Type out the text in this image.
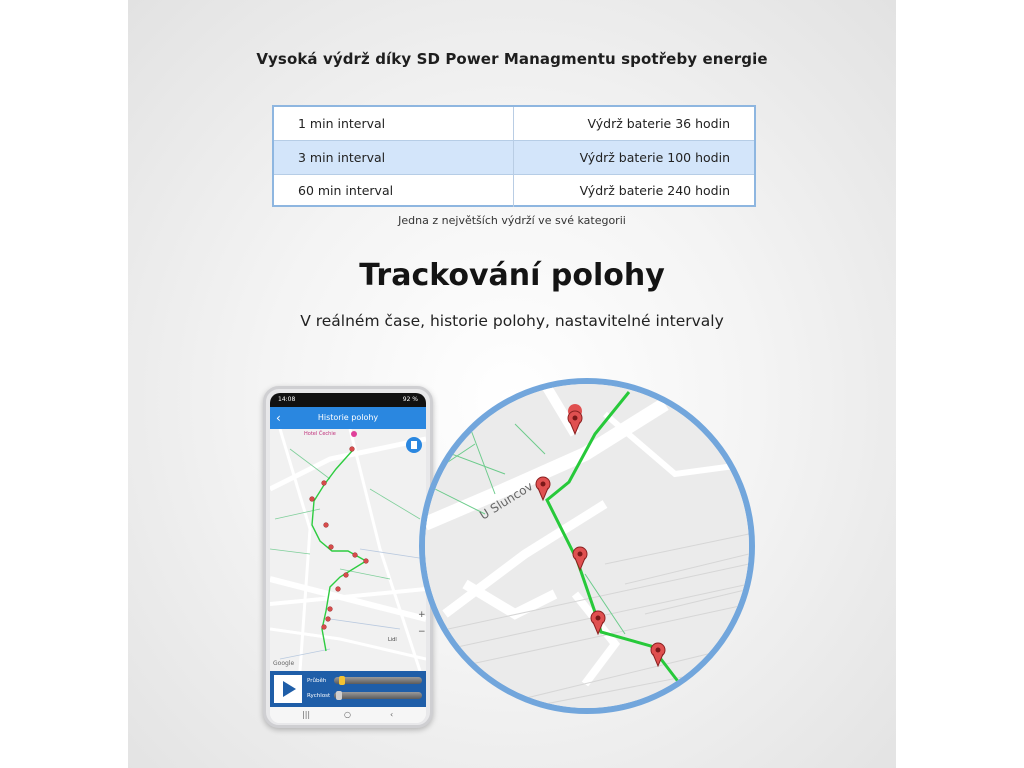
Vysoká výdrž díky SD Power Managmentu spotřeby energie
1 min interval	Výdrž baterie 36 hodin
3 min interval	Výdrž baterie 100 hodin
60 min interval	Výdrž baterie 240 hodin
Jedna z největších výdrží ve své kategorii
Trackování polohy
V reálném čase, historie polohy, nastavitelné intervaly
14:08	92 %
‹	Historie polohy
+
−
Hotel Čechie
Lidl
Google
Průběh
Rychlost
|||	○	‹
U Sluncov
